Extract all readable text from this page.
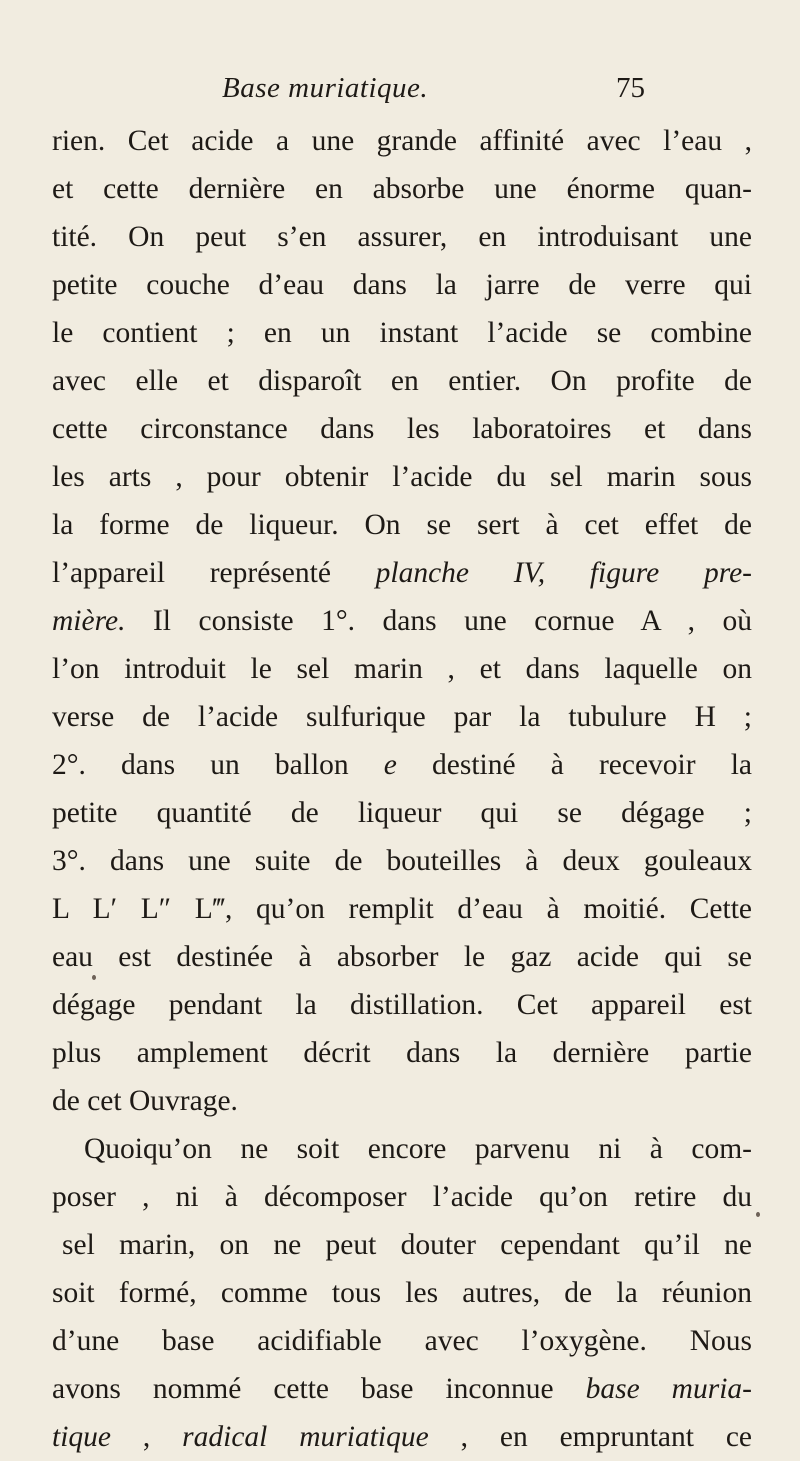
Base muriatique.	75
rien. Cet acide a une grande affinité avec l’eau ,
et cette dernière en absorbe une énorme quan-
tité. On peut s’en assurer, en introduisant une
petite couche d’eau dans la jarre de verre qui
le contient ; en un instant l’acide se combine
avec elle et disparoît en entier. On profite de
cette circonstance dans les laboratoires et dans
les arts , pour obtenir l’acide du sel marin sous
la forme de liqueur. On se sert à cet effet de
l’appareil représenté planche IV, figure pre-
mière. Il consiste 1°. dans une cornue A , où
l’on introduit le sel marin , et dans laquelle on
verse de l’acide sulfurique par la tubulure H ;
2°. dans un ballon e destiné à recevoir la
petite quantité de liqueur qui se dégage ;
3°. dans une suite de bouteilles à deux gouleaux
L L′ L″ L‴, qu’on remplit d’eau à moitié. Cette
eau est destinée à absorber le gaz acide qui se
dégage pendant la distillation. Cet appareil est
plus amplement décrit dans la dernière partie
de cet Ouvrage.
Quoiqu’on ne soit encore parvenu ni à com-
poser , ni à décomposer l’acide qu’on retire du
sel marin, on ne peut douter cependant qu’il ne
soit formé, comme tous les autres, de la réunion
d’une base acidifiable avec l’oxygène. Nous
avons nommé cette base inconnue base muria-
tique , radical muriatique , en empruntant ce
